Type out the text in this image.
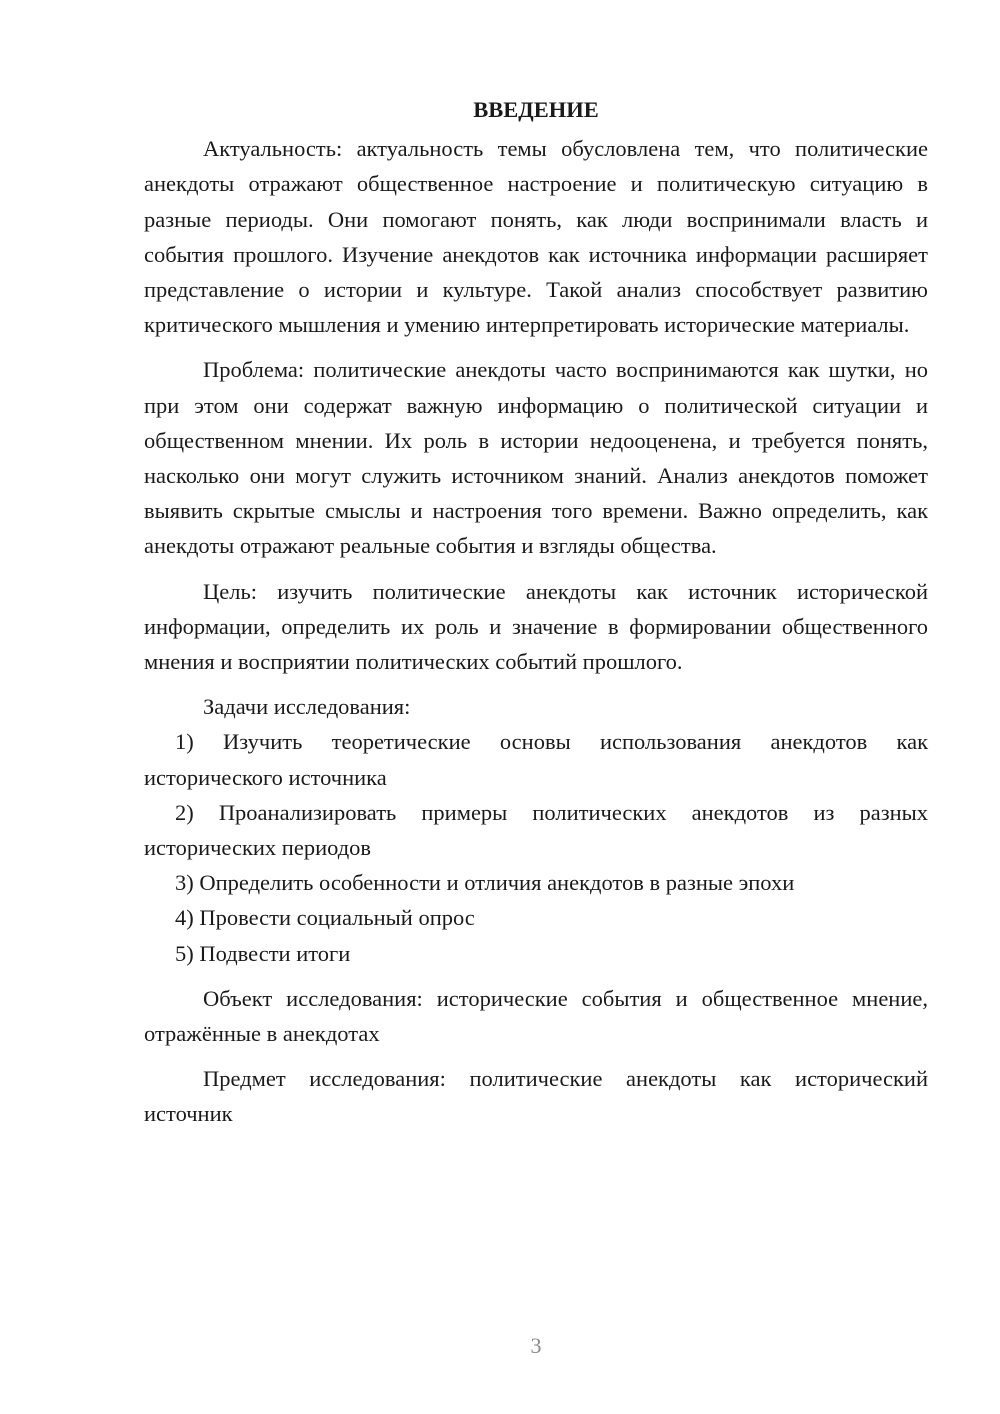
ВВЕДЕНИЕ

Актуальность: актуальность темы обусловлена тем, что политические анекдоты отражают общественное настроение и политическую ситуацию в разные периоды. Они помогают понять, как люди воспринимали власть и события прошлого. Изучение анекдотов как источника информации расширяет представление о истории и культуре. Такой анализ способствует развитию критического мышления и умению интерпретировать исторические материалы.

Проблема: политические анекдоты часто воспринимаются как шутки, но при этом они содержат важную информацию о политической ситуации и общественном мнении. Их роль в истории недооценена, и требуется понять, насколько они могут служить источником знаний. Анализ анекдотов поможет выявить скрытые смыслы и настроения того времени. Важно определить, как анекдоты отражают реальные события и взгляды общества.

Цель: изучить политические анекдоты как источник исторической информации, определить их роль и значение в формировании общественного мнения и восприятии политических событий прошлого.

Задачи исследования:

1) Изучить теоретические основы использования анекдотов как исторического источника
2) Проанализировать примеры политических анекдотов из разных исторических периодов
3) Определить особенности и отличия анекдотов в разные эпохи
4) Провести социальный опрос
5) Подвести итоги

Объект исследования: исторические события и общественное мнение, отражённые в анекдотах

Предмет исследования: политические анекдоты как исторический источник

3
